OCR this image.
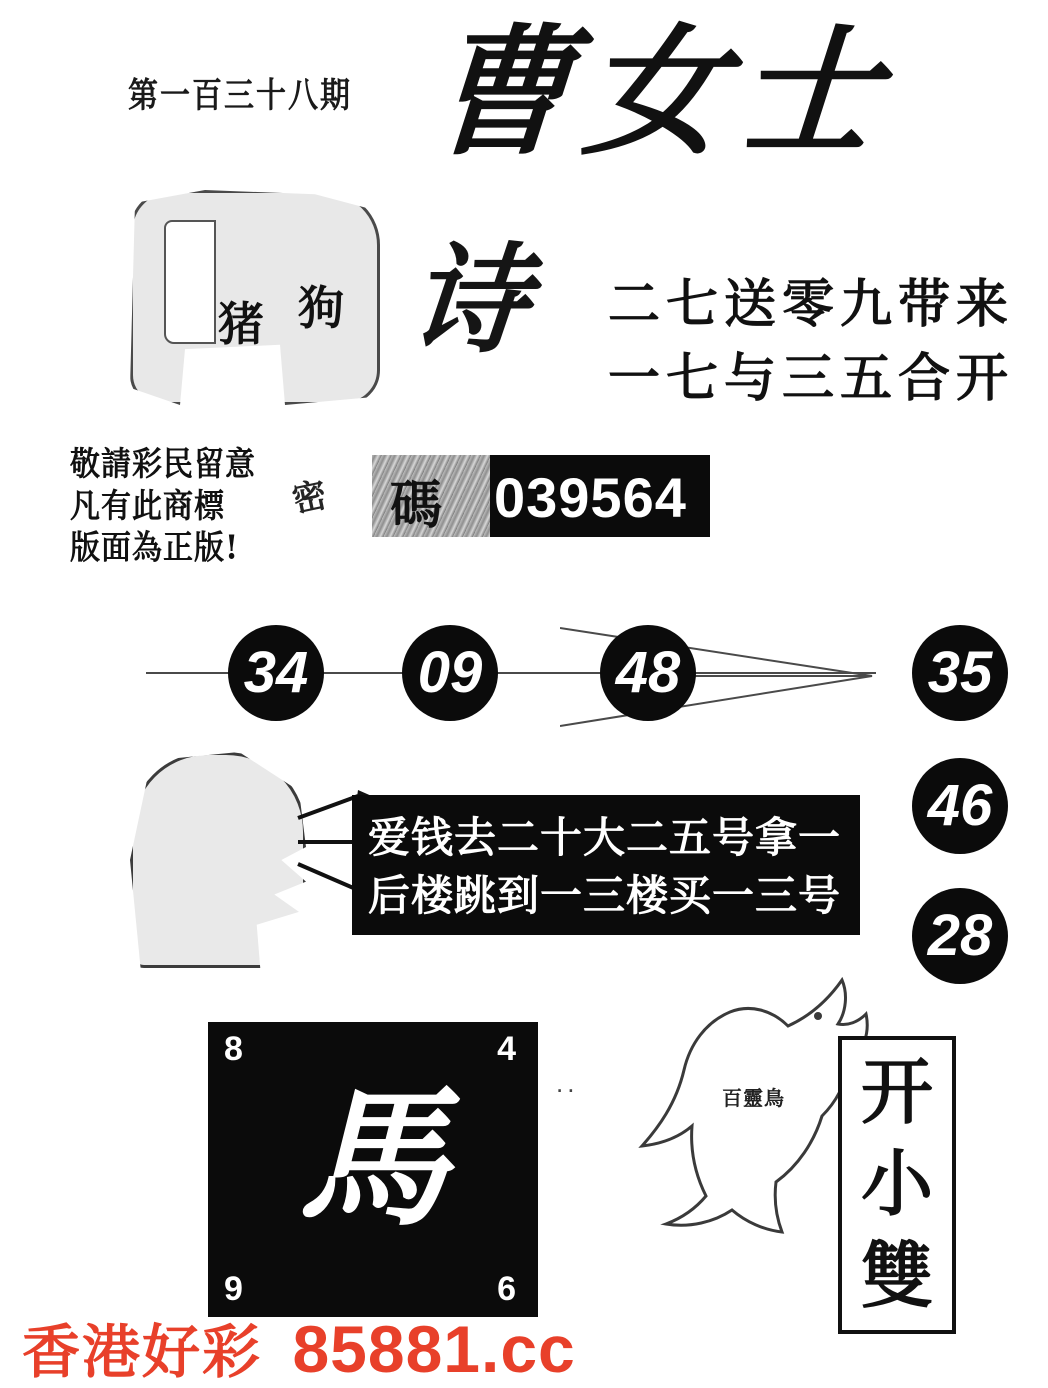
第一百三十八期 曹女士
猪 狗 诗 二七送零九带来
一七与三五合开
敬請彩民留意
凡有此商標
版面為正版!
密 碼 039564
34 09 48	35
46
28
爱钱去二十大二五号拿一
后楼跳到一三楼买一三号
8	4
9	6
馬	百靈鳥
..	开小雙
香港好彩 85881.cc
